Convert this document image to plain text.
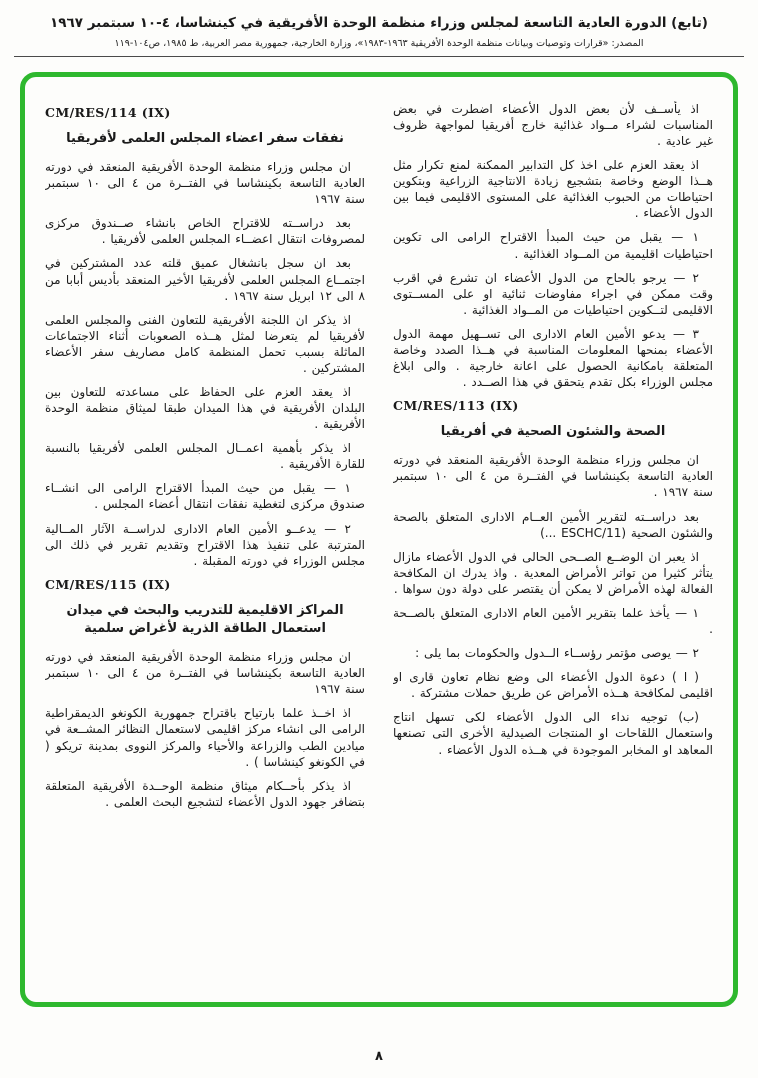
(تابع) الدورة العادية التاسعة لمجلس وزراء منظمة الوحدة الأفريقية في كينشاسا، ٤-١٠ سبتمبر ١٩٦٧
المصدر: «قرارات وتوصيات وبيانات منظمة الوحدة الأفريقية ١٩٦٣-١٩٨٣»، وزارة الخارجية، جمهورية مصر العربية، ط ١٩٨٥، ص١٠٤-١١٩

اذ يأســف لأن بعض الدول الأعضاء اضطرت في بعض المناسبات لشراء مــواد غذائية خارج أفريقيا لمواجهة ظروف غير عادية .

اذ يعقد العزم على اخذ كل التدابير الممكنة لمنع تكرار مثل هــذا الوضع وخاصة بتشجيع زيادة الانتاجية الزراعية وبتكوين احتياطات من الحبوب الغذائية على المستوى الاقليمى فيما بين الدول الأعضاء .

١ — يقبل من حيث المبدأ الاقتراح الرامى الى تكوين احتياطيات اقليمية من المــواد الغذائية .

٢ — يرجو بالحاح من الدول الأعضاء ان تشرع في اقرب وقت ممكن في اجراء مفاوضات ثنائية او على المســتوى الاقليمى لتــكوين احتياطيات من المــواد الغذائية .

٣ — يدعو الأمين العام الادارى الى تســهيل مهمة الدول الأعضاء بمنحها المعلومات المناسبة في هــذا الصدد وخاصة المتعلقة بامكانية الحصول على اعانة خارجية . والى ابلاغ مجلس الوزراء بكل تقدم يتحقق في هذا الصــدد .

CM/RES/113 (IX)
الصحة والشئون الصحية في أفريقيا

ان مجلس وزراء منظمة الوحدة الأفريقية المنعقد في دورته العادية التاسعة بكينشاسا في الفتــرة من ٤ الى ١٠ سبتمبر سنة ١٩٦٧ .

بعد دراســته لتقرير الأمين العــام الادارى المتعلق بالصحة والشئون الصحية (ESCHC/11 ...)

اذ يعبر ان الوضــع الصــحى الحالى في الدول الأعضاء مازال يتأثر كثيرا من تواتر الأمراض المعدية . واذ يدرك ان المكافحة الفعالة لهذه الأمراض لا يمكن أن يقتصر على دولة دون سواها .

١ — يأخذ علما بتقرير الأمين العام الادارى المتعلق بالصــحة .

٢ — يوصى مؤتمر رؤســاء الــدول والحكومات بما يلى :

( ا ) دعوة الدول الأعضاء الى وضع نظام تعاون قارى او اقليمى لمكافحة هــذه الأمراض عن طريق حملات مشتركة .

(ب) توجيه نداء الى الدول الأعضاء لكى تسهل انتاج واستعمال اللقاحات او المنتجات الصيدلية الأخرى التى تصنعها المعاهد او المخابر الموجودة في هــذه الدول الأعضاء .

CM/RES/114 (IX)
نفقات سفر اعضاء المجلس العلمى لأفريقيا

ان مجلس وزراء منظمة الوحدة الأفريقية المنعقد في دورته العادية التاسعة بكينشاسا في الفتــرة من ٤ الى ١٠ سبتمبر سنة ١٩٦٧

بعد دراســته للاقتراح الخاص بانشاء صــندوق مركزى لمصروفات انتقال اعضــاء المجلس العلمى لأفريقيا .

بعد ان سجل بانشغال عميق قلته عدد المشتركين في اجتمــاع المجلس العلمى لأفريقيا الأخير المنعقد بأديس أبابا من ٨ الى ١٢ ابريل سنة ١٩٦٧ .

اذ يذكر ان اللجنة الأفريقية للتعاون الفنى والمجلس العلمى لأفريقيا لم يتعرضا لمثل هــذه الصعوبات أثناء الاجتماعات الماثلة بسبب تحمل المنظمة كامل مصاريف سفر الأعضاء المشتركين .

اذ يعقد العزم على الحفاظ على مساعدته للتعاون بين البلدان الأفريقية في هذا الميدان طبقا لميثاق منظمة الوحدة الأفريقية .

اذ يذكر بأهمية اعمــال المجلس العلمى لأفريقيا بالنسبة للقارة الأفريقية .

١ — يقبل من حيث المبدأ الاقتراح الرامى الى انشــاء صندوق مركزى لتغطية نفقات انتقال أعضاء المجلس .

٢ — يدعــو الأمين العام الادارى لدراســة الآثار المــالية المترتبة على تنفيذ هذا الاقتراح وتقديم تقرير في ذلك الى مجلس الوزراء في دورته المقبلة .

CM/RES/115 (IX)
المراكز الاقليمية للتدريب والبحث في ميدان استعمال الطاقة الذرية لأغراض سلمية

ان مجلس وزراء منظمة الوحدة الأفريقية المنعقد في دورته العادية التاسعة بكينشاسا في الفتــرة من ٤ الى ١٠ سبتمبر سنة ١٩٦٧

اذ اخــذ علما بارتياح باقتراح جمهورية الكونغو الديمقراطية الرامى الى انشاء مركز اقليمى لاستعمال النظائر المشــعة في ميادين الطب والزراعة والأحياء والمركز النووى بمدينة تريكو ( في الكونغو كينشاسا ) .

اذ يذكر بأحــكام ميثاق منظمة الوحــدة الأفريقية المتعلقة بتضافر جهود الدول الأعضاء لتشجيع البحث العلمى .

٨
